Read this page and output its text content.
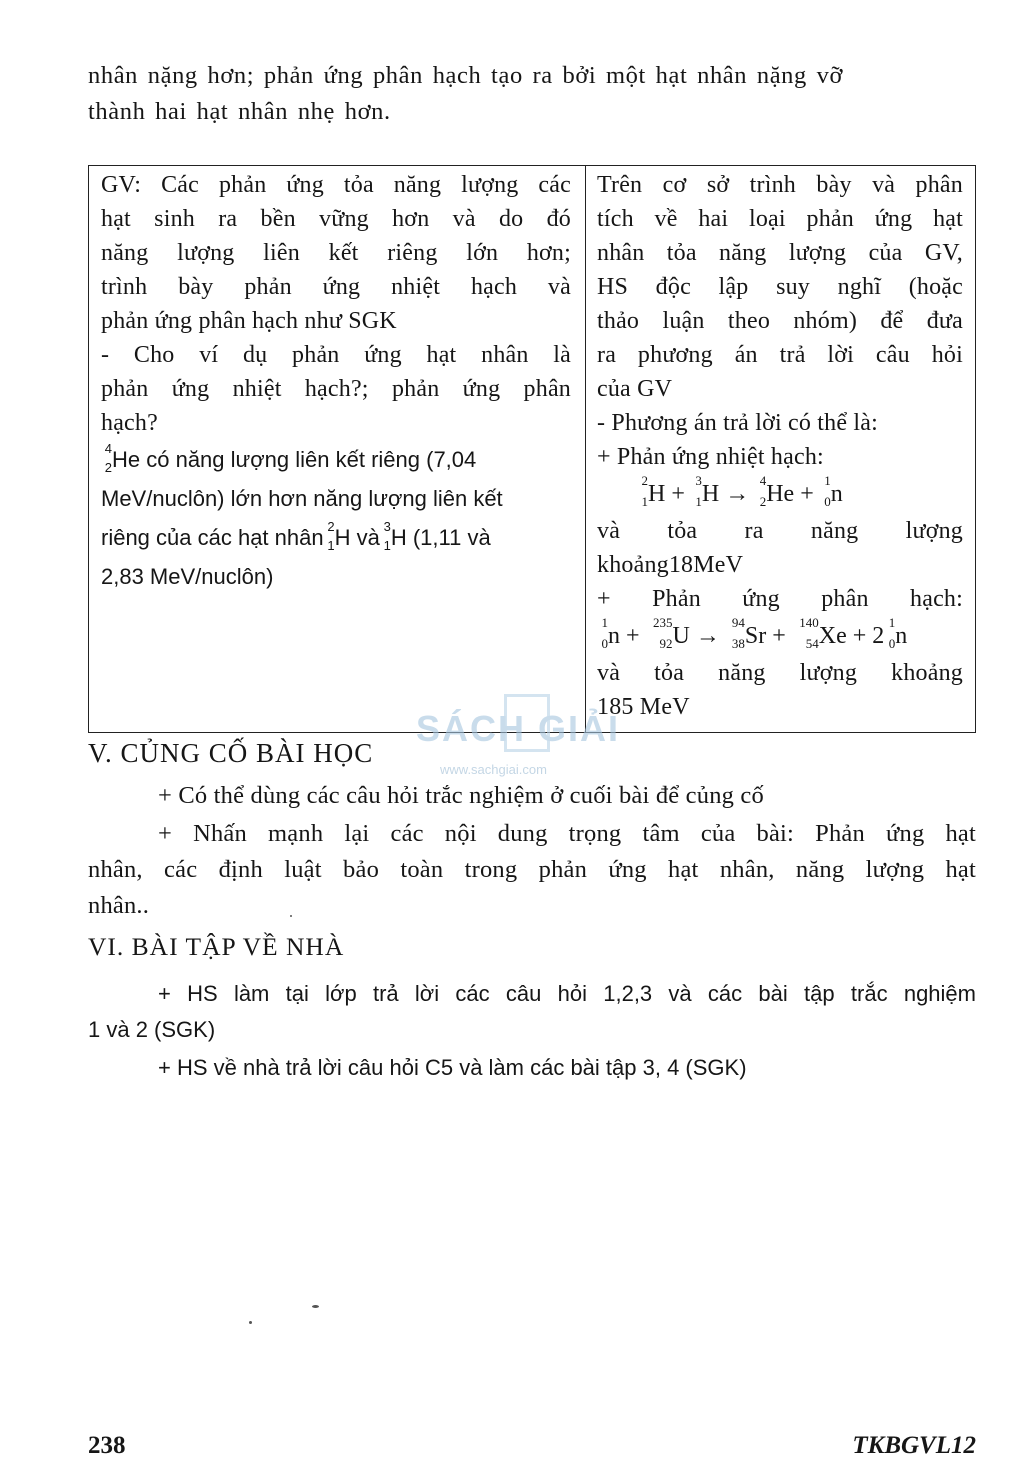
nhân nặng hơn; phản ứng phân hạch tạo ra bởi một hạt nhân nặng vỡ
thành hai hạt nhân nhẹ hơn.
GV: Các phản ứng tỏa năng lượng các
hạt sinh ra bền vững hơn và do đó
năng lượng liên kết riêng lớn hơn;
trình bày phản ứng nhiệt hạch và
phản ứng phân hạch như SGK
- Cho ví dụ phản ứng hạt nhân là
phản ứng nhiệt hạch?; phản ứng phân
hạch?
4
2 He có năng lượng liên kết riêng (7,04
MeV/nuclôn) lớn hơn năng lượng liên kết
riêng của các hạt nhân 2
1 H và 3
1 H (1,11 và
2,83 MeV/nuclôn)
Trên cơ sở trình bày và phân
tích về hai loại phản ứng hạt
nhân tỏa năng lượng của GV,
HS độc lập suy nghĩ (hoặc
thảo luận theo nhóm) để đưa
ra phương án trả lời câu hỏi
của GV
- Phương án trả lời có thể là:
+ Phản ứng nhiệt hạch:
2
1 H +
3
1 H →
4
2 He +
1
0 n
và tỏa ra năng lượng
khoảng18MeV
+ Phản ứng phân hạch:
1
0 n +
235
92 U →
94
38 Sr +
140
54 Xe + 2
1
0 n
và tỏa năng lượng khoảng
185 MeV
SÁCH GIẢI
www.sachgiai.com
V. CỦNG CỐ BÀI HỌC
+ Có thể dùng các câu hỏi trắc nghiệm ở cuối bài để củng cố
+ Nhấn mạnh lại các nội dung trọng tâm của bài: Phản ứng hạt
nhân, các định luật bảo toàn trong phản ứng hạt nhân, năng lượng hạt
nhân..
VI. BÀI TẬP VỀ NHÀ
+ HS làm tại lớp trả lời các câu hỏi 1,2,3 và các bài tập trắc nghiệm
1 và 2 (SGK)
+ HS về nhà trả lời câu hỏi C5 và làm các bài tập 3, 4 (SGK)
238	TKBGVL12
